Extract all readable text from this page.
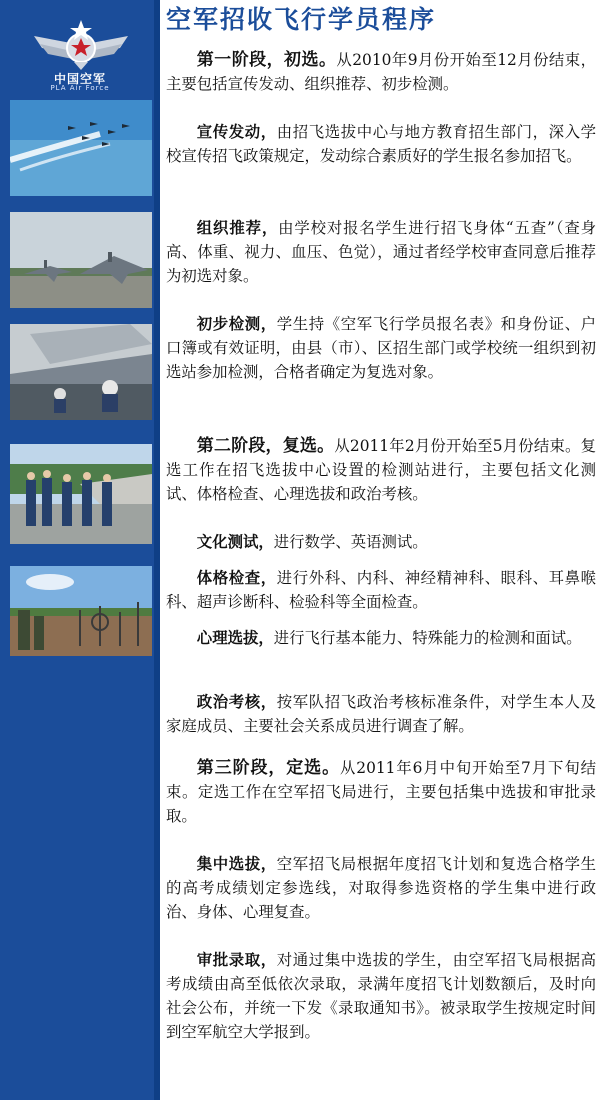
中国空军
PLA Air Force
空军招收飞行学员程序

第一阶段，初选。从2010年9月份开始至12月份结束，主要包括宣传发动、组织推荐、初步检测。

宣传发动，由招飞选拔中心与地方教育招生部门，深入学校宣传招飞政策规定，发动综合素质好的学生报名参加招飞。

组织推荐，由学校对报名学生进行招飞身体“五查”（查身高、体重、视力、血压、色觉），通过者经学校审查同意后推荐为初选对象。

初步检测，学生持《空军飞行学员报名表》和身份证、户口簿或有效证明，由县（市）、区招生部门或学校统一组织到初选站参加检测，合格者确定为复选对象。

第二阶段，复选。从2011年2月份开始至5月份结束。复选工作在招飞选拔中心设置的检测站进行，主要包括文化测试、体格检查、心理选拔和政治考核。

文化测试，进行数学、英语测试。

体格检查，进行外科、内科、神经精神科、眼科、耳鼻喉科、超声诊断科、检验科等全面检查。

心理选拔，进行飞行基本能力、特殊能力的检测和面试。

政治考核，按军队招飞政治考核标准条件，对学生本人及家庭成员、主要社会关系成员进行调查了解。

第三阶段，定选。从2011年6月中旬开始至7月下旬结束。定选工作在空军招飞局进行，主要包括集中选拔和审批录取。

集中选拔，空军招飞局根据年度招飞计划和复选合格学生的高考成绩划定参选线，对取得参选资格的学生集中进行政治、身体、心理复查。

审批录取，对通过集中选拔的学生，由空军招飞局根据高考成绩由高至低依次录取，录满年度招飞计划数额后，及时向社会公布，并统一下发《录取通知书》。被录取学生按规定时间到空军航空大学报到。
